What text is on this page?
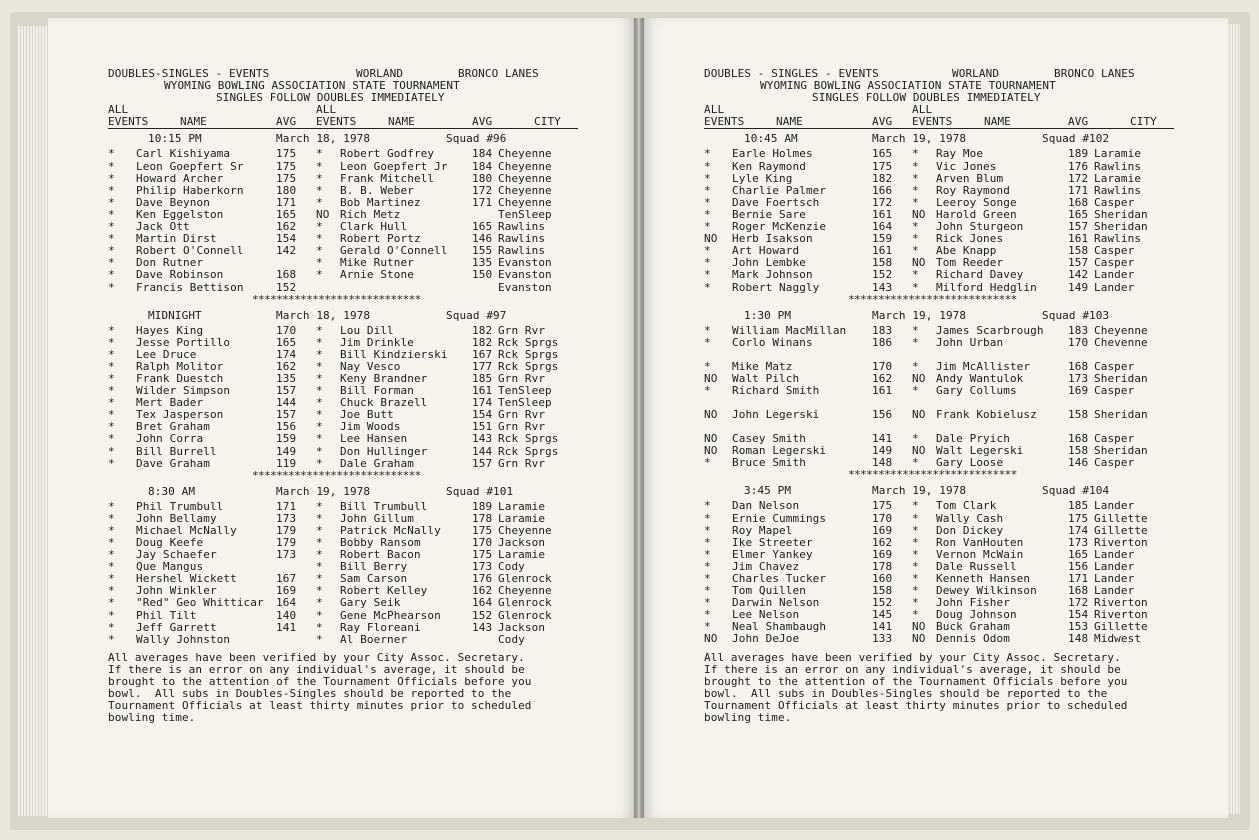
DOUBLES-SINGLES - EVENTS	WORLAND	BRONCO LANES
WYOMING BOWLING ASSOCIATION STATE TOURNAMENT
SINGLES FOLLOW DOUBLES IMMEDIATELY
ALL	ALL
EVENTS	NAME	AVG EVENTS	NAME	AVG	CITY
10:15 PM	March 18, 1978	Squad #96
* Carl Kishiyama	175 * Robert Godfrey	184 Cheyenne
* Leon Goepfert Sr	175 * Leon Goepfert Jr 184 Cheyenne
* Howard Archer	175 * Frank Mitchell	180 Cheyenne
* Philip Haberkorn	180 * B. B. Weber	172 Cheyenne
* Dave Beynon	171 * Bob Martinez	171 Cheyenne
* Ken Eggelston	165 NO Rich Metz	TenSleep
* Jack Ott	162 * Clark Hull	165 Rawlins
* Martin Dirst	154 * Robert Portz	146 Rawlins
* Robert O'Connell	142 * Gerald O'Connell 155 Rawlins
* Don Rutner	* Mike Rutner	135 Evanston
* Dave Robinson	168 * Arnie Stone	150 Evanston
* Francis Bettison	152	Evanston
****************************
MIDNIGHT	March 18, 1978	Squad #97
* Hayes King	170 * Lou Dill	182 Grn Rvr
* Jesse Portillo	165 * Jim Drinkle	182 Rck Sprgs
* Lee Druce	174 * Bill Kindzierski 167 Rck Sprgs
* Ralph Molitor	162 * Nay Vesco	177 Rck Sprgs
* Frank Duestch	135 * Keny Brandner	185 Grn Rvr
* Wilder Simpson	157 * Bill Forman	161 TenSleep
* Mert Bader	144 * Chuck Brazell	174 TenSleep
* Tex Jasperson	157 * Joe Butt	154 Grn Rvr
* Bret Graham	156 * Jim Woods	151 Grn Rvr
* John Corra	159 * Lee Hansen	143 Rck Sprgs
* Bill Burrell	149 * Don Hullinger	144 Rck Sprgs
* Dave Graham	119 * Dale Graham	157 Grn Rvr
****************************
8:30 AM	March 19, 1978	Squad #101
* Phil Trumbull	171 * Bill Trumbull	189 Laramie
* John Bellamy	173 * John Gillum	178 Laramie
* Michael McNally	179 * Patrick McNally	175 Cheyenne
* Doug Keefe	179 * Bobby Ransom	170 Jackson
* Jay Schaefer	173 * Robert Bacon	175 Laramie
* Que Mangus	* Bill Berry	173 Cody
* Hershel Wickett	167 * Sam Carson	176 Glenrock
* John Winkler	169 * Robert Kelley	162 Cheyenne
* "Red" Geo Whitticar 164 * Gary Seik	164 Glenrock
* Phil Tilt	140 * Gene McPhearson	152 Glenrock
* Jeff Garrett	141 * Ray Floreani	143 Jackson
* Wally Johnston	* Al Boerner	Cody
All averages have been verified by your City Assoc. Secretary.
If there is an error on any individual's average, it should be
brought to the attention of the Tournament Officials before you
bowl.  All subs in Doubles-Singles should be reported to the
Tournament Officials at least thirty minutes prior to scheduled
bowling time.
DOUBLES - SINGLES - EVENTS	WORLAND	BRONCO LANES
WYOMING BOWLING ASSOCIATION STATE TOURNAMENT
SINGLES FOLLOW DOUBLES IMMEDIATELY
ALL	ALL
EVENTS	NAME	AVG EVENTS	NAME	AVG	CITY
10:45 AM	March 19, 1978	Squad #102
* Earle Holmes	165 * Ray Moe	189 Laramie
* Ken Raymond	175 * Vic Jones	176 Rawlins
* Lyle King	182 * Arven Blum	172 Laramie
* Charlie Palmer	166 * Roy Raymond	171 Rawlins
* Dave Foertsch	172 * Leeroy Songe	168 Casper
* Bernie Sare	161 NO Harold Green	165 Sheridan
* Roger McKenzie	164 * John Sturgeon	157 Sheridan
NO Herb Isakson	159 * Rick Jones	161 Rawlins
* Art Howard	161 * Abe Knapp	158 Casper
* John Lembke	158 NO Tom Reeder	157 Casper
* Mark Johnson	152 * Richard Davey	142 Lander
* Robert Naggly	143 * Milford Hedglin	149 Lander
****************************
1:30 PM	March 19, 1978	Squad #103
* William MacMillan 183 * James Scarbrough 183 Cheyenne
* Corlo Winans	186 * John Urban	170 Chevenne
* Mike Matz	170 * Jim McAllister	168 Casper
NO Walt Pilch	162 NO Andy Wantulok	173 Sheridan
* Richard Smith	161 * Gary Collums	169 Casper
NO John Legerski	156 NO Frank Kobielusz	158 Sheridan
NO Casey Smith	141 * Dale Pryich	168 Casper
NO Roman Legerski	149 NO Walt Legerski	158 Sheridan
* Bruce Smith	148 * Gary Loose	146 Casper
****************************
3:45 PM	March 19, 1978	Squad #104
* Dan Nelson	175 * Tom Clark	185 Lander
* Ernie Cummings	170 * Wally Cash	175 Gillette
* Roy Mapel	169 * Don Dickey	174 Gillette
* Ike Streeter	162 * Ron VanHouten	173 Riverton
* Elmer Yankey	169 * Vernon McWain	165 Lander
* Jim Chavez	178 * Dale Russell	156 Lander
* Charles Tucker	160 * Kenneth Hansen	171 Lander
* Tom Quillen	158 * Dewey Wilkinson	168 Lander
* Darwin Nelson	152 * John Fisher	172 Riverton
* Lee Nelson	145 * Doug Johnson	154 Riverton
* Neal Shambaugh	141 NO Buck Graham	153 Gillette
NO John DeJoe	133 NO Dennis Odom	148 Midwest
All averages have been verified by your City Assoc. Secretary.
If there is an error on any individual's average, it should be
brought to the attention of the Tournament Officials before you
bowl.  All subs in Doubles-Singles should be reported to the
Tournament Officials at least thirty minutes prior to scheduled
bowling time.
